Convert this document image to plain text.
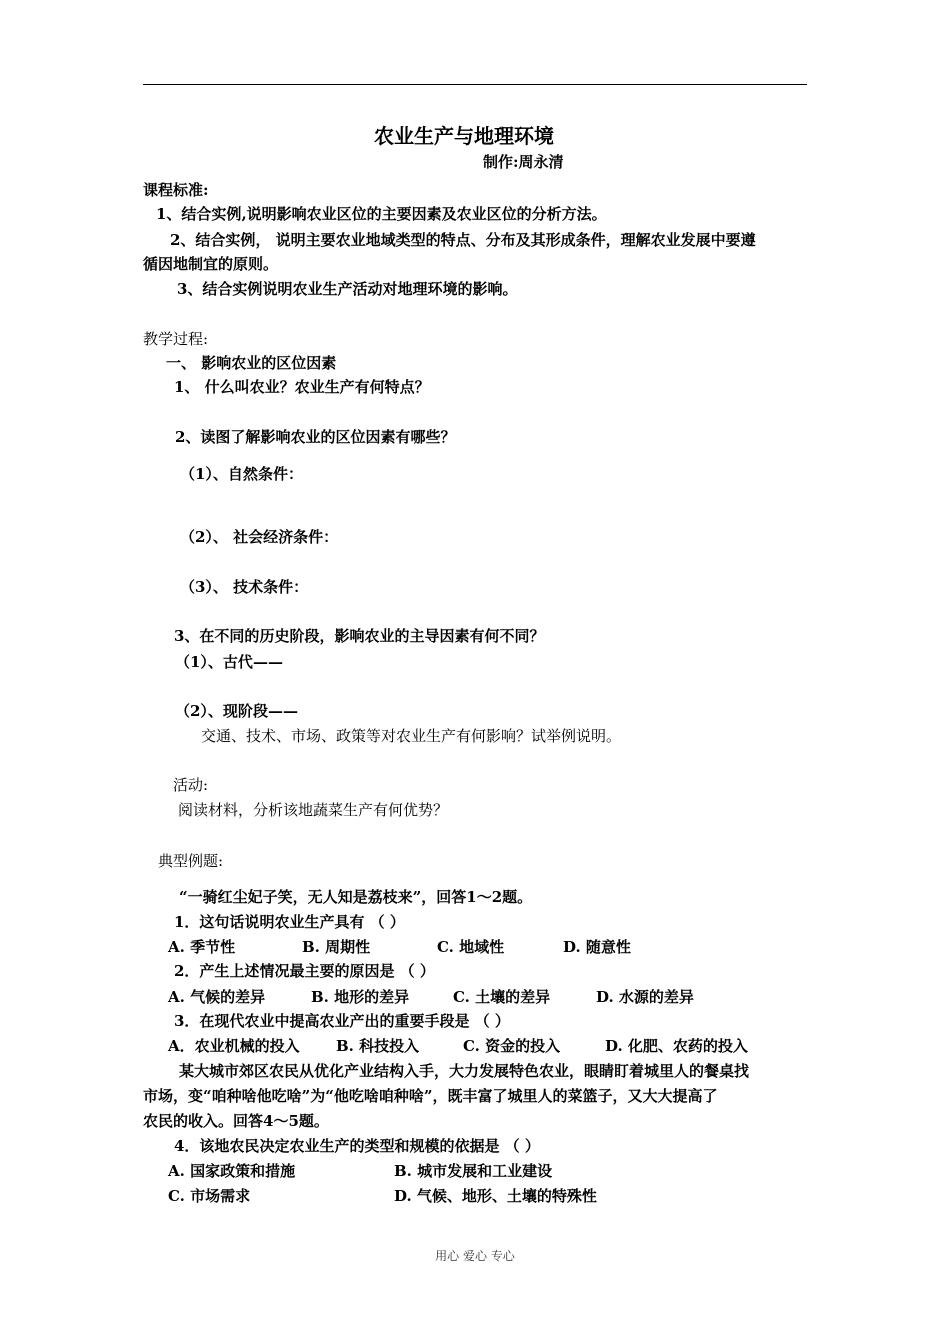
农业生产与地理环境
制作:周永清
课程标准:
1、结合实例,说明影响农业区位的主要因素及农业区位的分析方法。
2、结合实例， 说明主要农业地域类型的特点、分布及其形成条件，理解农业发展中要遵
循因地制宜的原则。
3、结合实例说明农业生产活动对地理环境的影响。
教学过程:
一、 影响农业的区位因素
1、 什么叫农业？农业生产有何特点？
2、读图了解影响农业的区位因素有哪些？
（1）、自然条件：
（2）、 社会经济条件：
（3）、 技术条件：
3、在不同的历史阶段，影响农业的主导因素有何不同？
（1）、古代——
（2）、现阶段——
交通、技术、市场、政策等对农业生产有何影响？试举例说明。
活动:
阅读材料，分析该地蔬菜生产有何优势？
典型例题:
“一骑红尘妃子笑，无人知是荔枝来”，回答1～2题。
1．这句话说明农业生产具有 （ ）
A. 季节性	B. 周期性	C. 地域性	D. 随意性
2．产生上述情况最主要的原因是 （ ）
A. 气候的差异	B. 地形的差异	C. 土壤的差异	D. 水源的差异
3．在现代农业中提高农业产出的重要手段是 （ ）
A．农业机械的投入 B. 科技投入	C. 资金的投入	D. 化肥、农药的投入
某大城市郊区农民从优化产业结构入手，大力发展特色农业，眼睛盯着城里人的餐桌找
市场，变“咱种啥他吃啥”为“他吃啥咱种啥”，既丰富了城里人的菜篮子，又大大提高了
农民的收入。回答4～5题。
4．该地农民决定农业生产的类型和规模的依据是 （ ）
A. 国家政策和措施	B. 城市发展和工业建设
C. 市场需求	D. 气候、地形、土壤的特殊性
用心 爱心 专心
